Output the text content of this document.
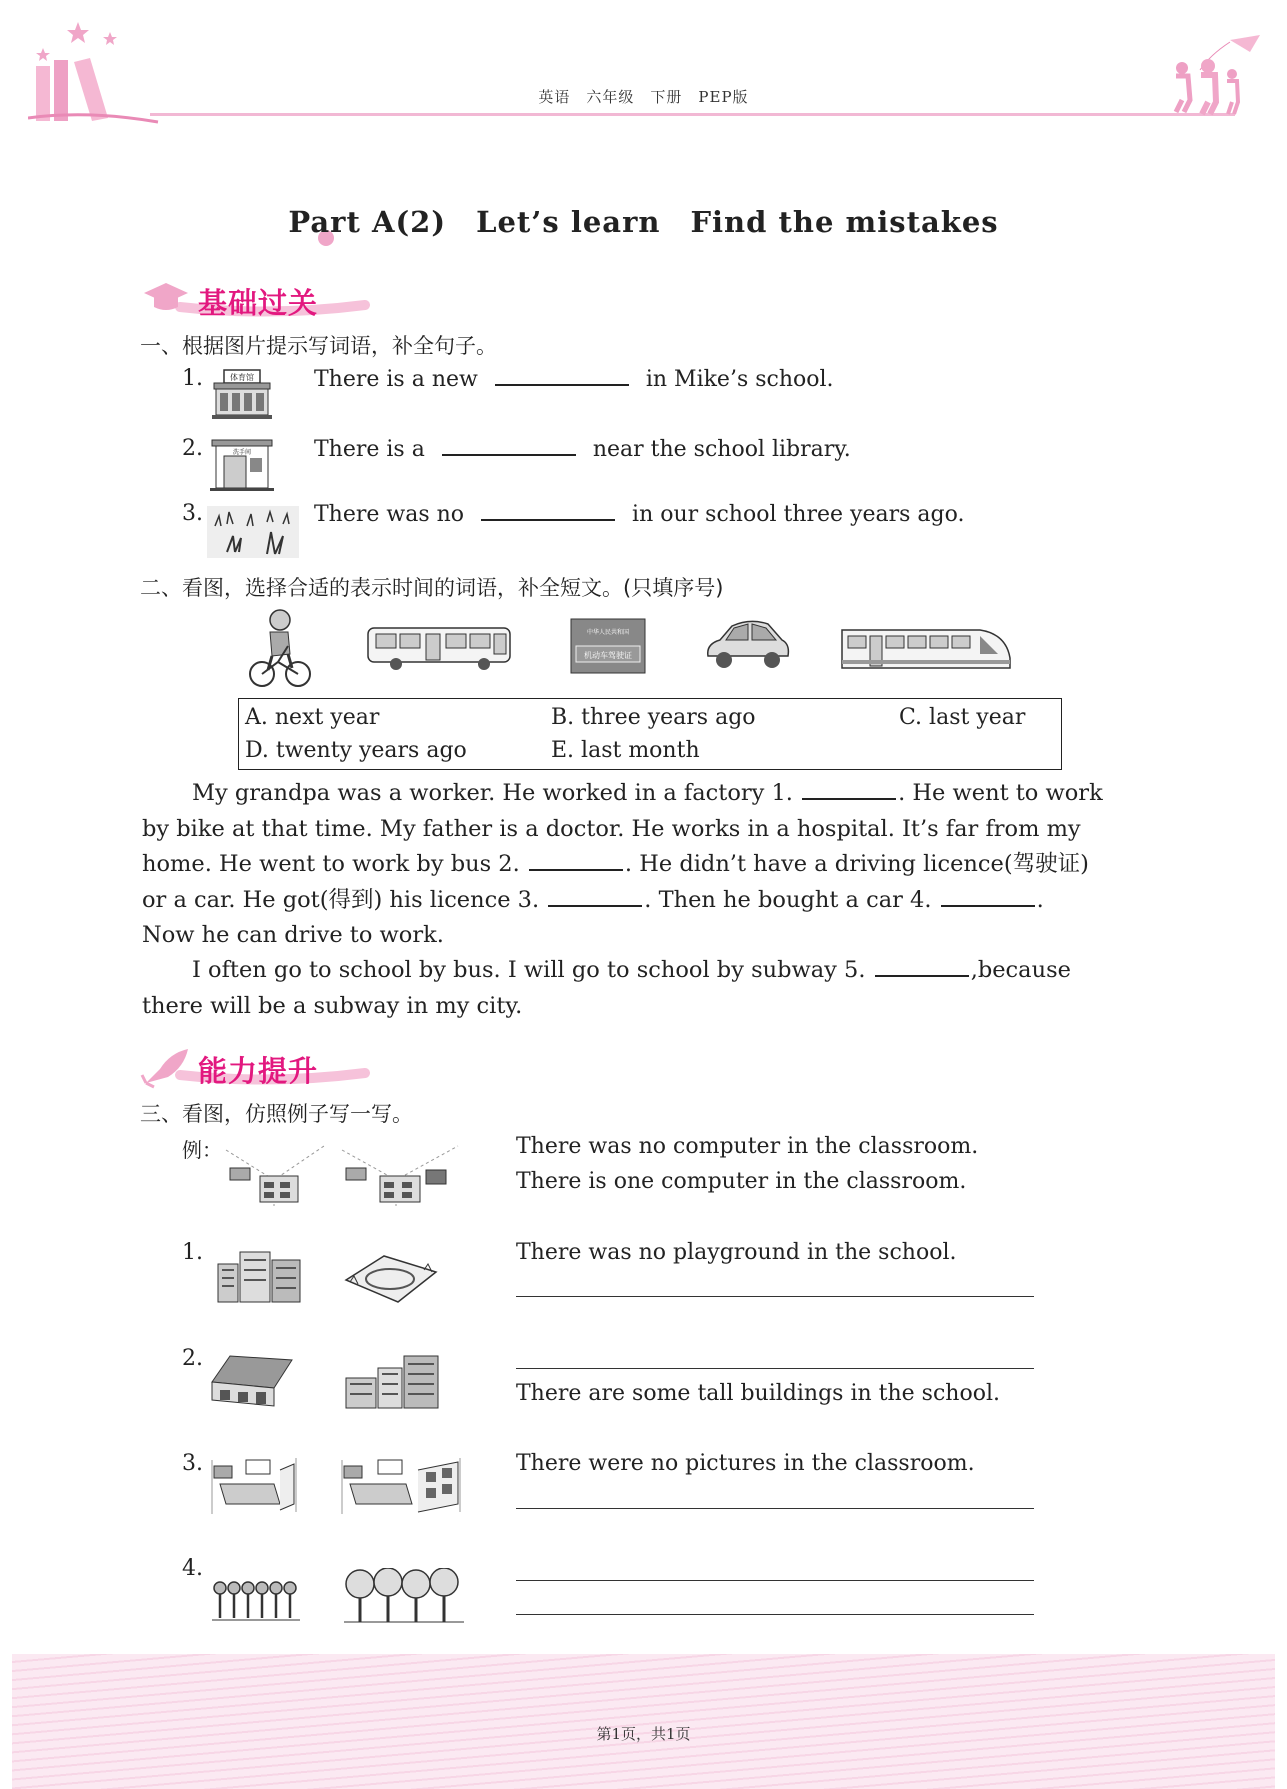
英语　六年级　下册　PEP版
Part A(2)　Let’s learn　Find the mistakes
基础过关
一、根据图片提示写词语，补全句子。
1.	体育馆	There is a new	in Mike’s school.
2.	洗手间	There is a	near the school library.
3.	There was no	in our school three years ago.
二、看图，选择合适的表示时间的词语，补全短文。(只填序号)
中华人民共和国
机动车驾驶证
A. next year	B. three years ago	C. last year
D. twenty years ago	E. last month
My grandpa was a worker. He worked in a factory 1.	. He went to work
by bike at that time. My father is a doctor. He works in a hospital. It’s far from my
home. He went to work by bus 2.	. He didn’t have a driving licence(驾驶证)
or a car. He got(得到) his licence 3.	. Then he bought a car 4.	.
Now he can drive to work.
I often go to school by bus. I will go to school by subway 5.	,because
there will be a subway in my city.
能力提升
三、看图，仿照例子写一写。
例：	There was no computer in the classroom.
There is one computer in the classroom.
1.	There was no playground in the school.
2.
There are some tall buildings in the school.
3.	There were no pictures in the classroom.
4.
第1页，共1页
